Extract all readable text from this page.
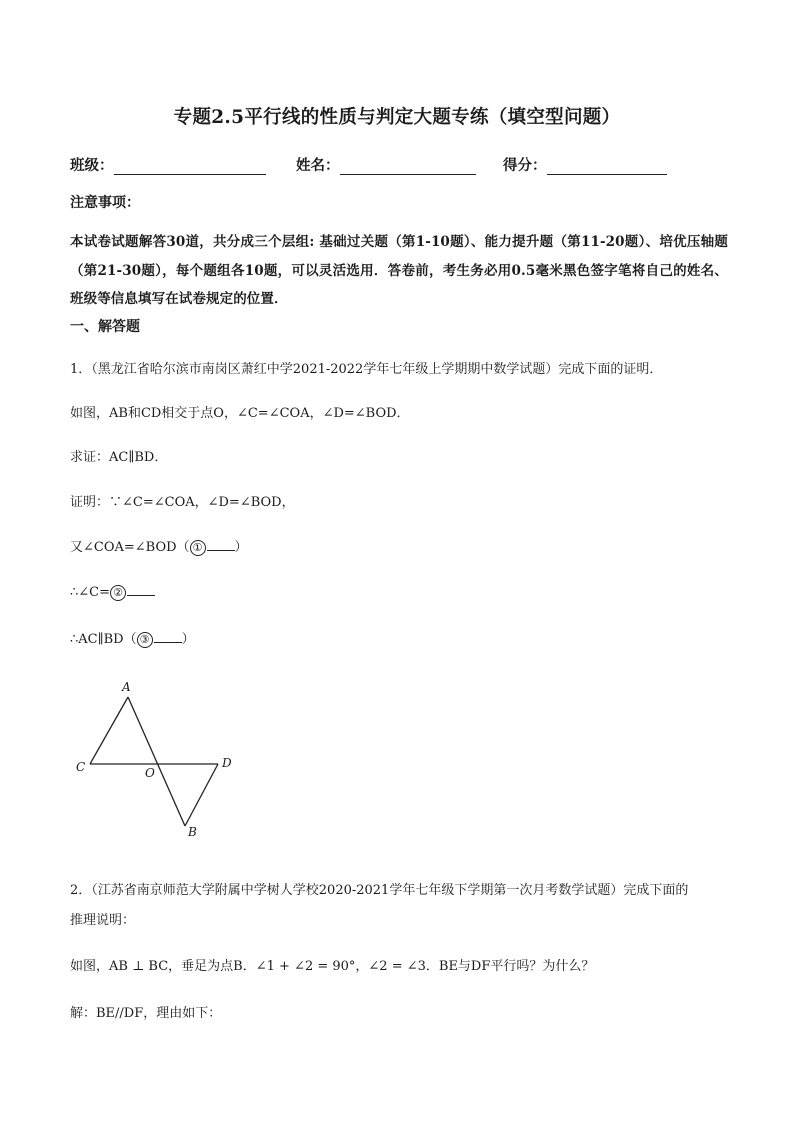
专题2.5平行线的性质与判定大题专练（填空型问题）
班级：	姓名：	得分：
注意事项：
本试卷试题解答30道，共分成三个层组: 基础过关题（第1-10题）、能力提升题（第11-20题）、培优压轴题（第21-30题），每个题组各10题，可以灵活选用．答卷前，考生务必用0.5毫米黑色签字笔将自己的姓名、班级等信息填写在试卷规定的位置．
一、解答题
1．（黑龙江省哈尔滨市南岗区萧红中学2021-2022学年七年级上学期期中数学试题）完成下面的证明．
如图，AB和CD相交于点O，∠C=∠COA，∠D=∠BOD．
求证：AC∥BD．
证明：∵∠C=∠COA，∠D=∠BOD，
又∠COA=∠BOD（ ① ）
∴∠C= ②
∴AC∥BD（ ③ ）
A
C	O
D
B
2．（江苏省南京师范大学附属中学树人学校2020-2021学年七年级下学期第一次月考数学试题）完成下面的
推理说明：
如图，AB ⊥ BC，垂足为点B．∠1 + ∠2 = 90°，∠2 = ∠3．BE与DF平行吗？为什么？
解：BE//DF，理由如下：
